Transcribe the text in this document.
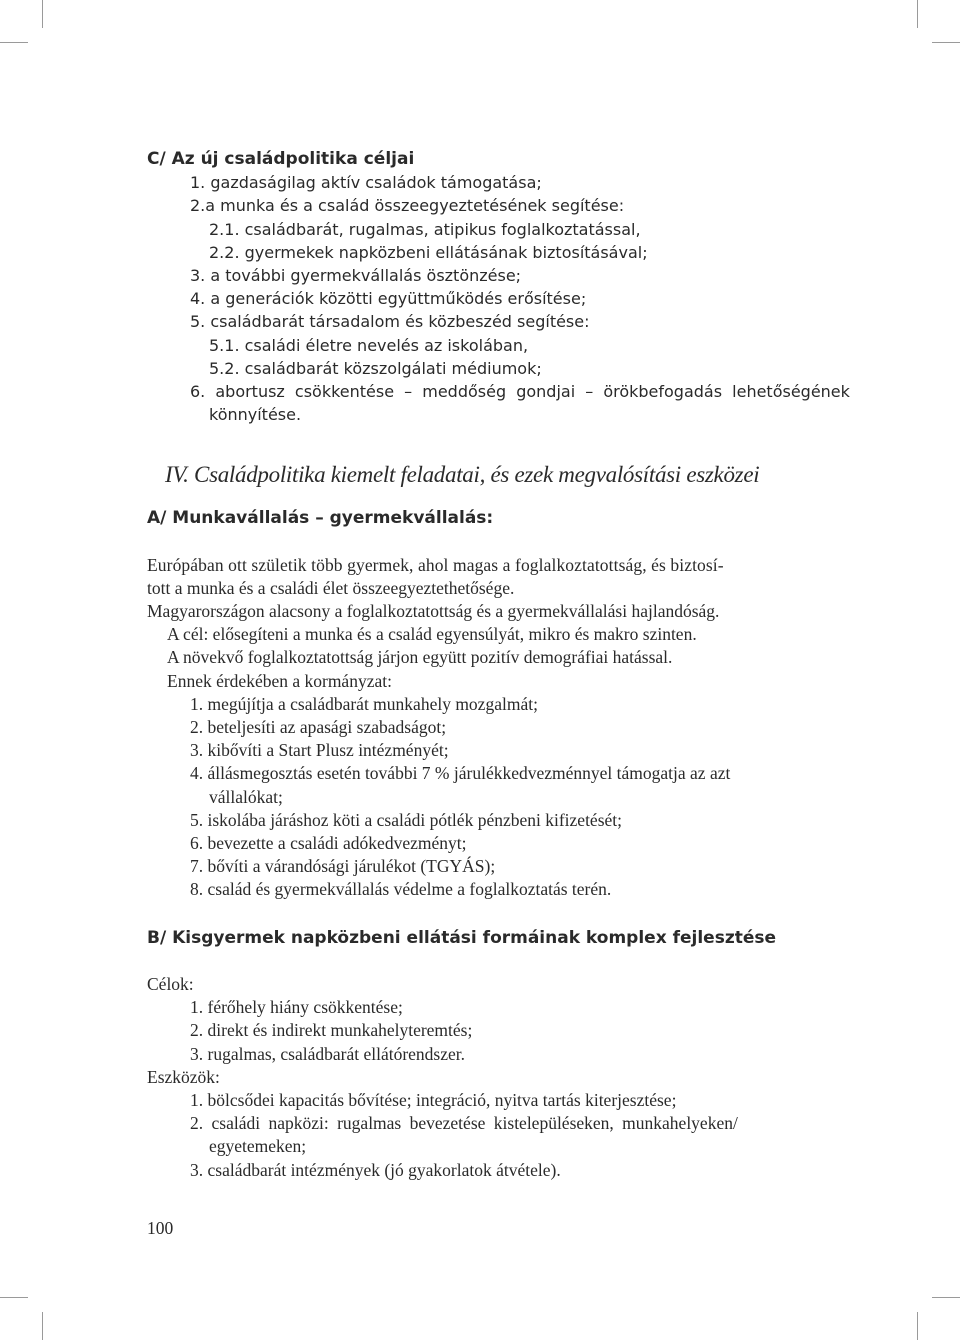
C/ Az új családpolitika céljai
1. gazdaságilag aktív családok támogatása;
2.a munka és a család összeegyeztetésének segítése:
2.1. családbarát, rugalmas, atipikus foglalkoztatással,
2.2. gyermekek napközbeni ellátásának biztosításával;
3. a további gyermekvállalás ösztönzése;
4. a generációk közötti együttműködés erősítése;
5. családbarát társadalom és közbeszéd segítése:
5.1. családi életre nevelés az iskolában,
5.2. családbarát közszolgálati médiumok;
6. abortusz csökkentése – meddőség gondjai – örökbefogadás lehetőségének
könnyítése.
IV. Családpolitika kiemelt feladatai, és ezek megvalósítási eszközei
A/ Munkavállalás – gyermekvállalás:
Európában ott születik több gyermek, ahol magas a foglalkoztatottság, és biztosí-
tott a munka és a családi élet összeegyeztethetősége.
Magyarországon alacsony a foglalkoztatottság és a gyermekvállalási hajlandóság.
A cél: elősegíteni a munka és a család egyensúlyát, mikro és makro szinten.
A növekvő foglalkoztatottság járjon együtt pozitív demográfiai hatással.
Ennek érdekében a kormányzat:
1. megújítja a családbarát munkahely mozgalmát;
2. beteljesíti az apasági szabadságot;
3. kibővíti a Start Plusz intézményét;
4. állásmegosztás esetén további 7 % járulékkedvezménnyel támogatja az azt
vállalókat;
5. iskolába járáshoz köti a családi pótlék pénzbeni kifizetését;
6. bevezette a családi adókedvezményt;
7. bővíti a várandósági járulékot (TGYÁS);
8. család és gyermekvállalás védelme a foglalkoztatás terén.
B/ Kisgyermek napközbeni ellátási formáinak komplex fejlesztése
Célok:
1. férőhely hiány csökkentése;
2. direkt és indirekt munkahelyteremtés;
3. rugalmas, családbarát ellátórendszer.
Eszközök:
1. bölcsődei kapacitás bővítése; integráció, nyitva tartás kiterjesztése;
2. családi napközi: rugalmas bevezetése kistelepüléseken, munkahelyeken/
egyetemeken;
3. családbarát intézmények (jó gyakorlatok átvétele).
100
